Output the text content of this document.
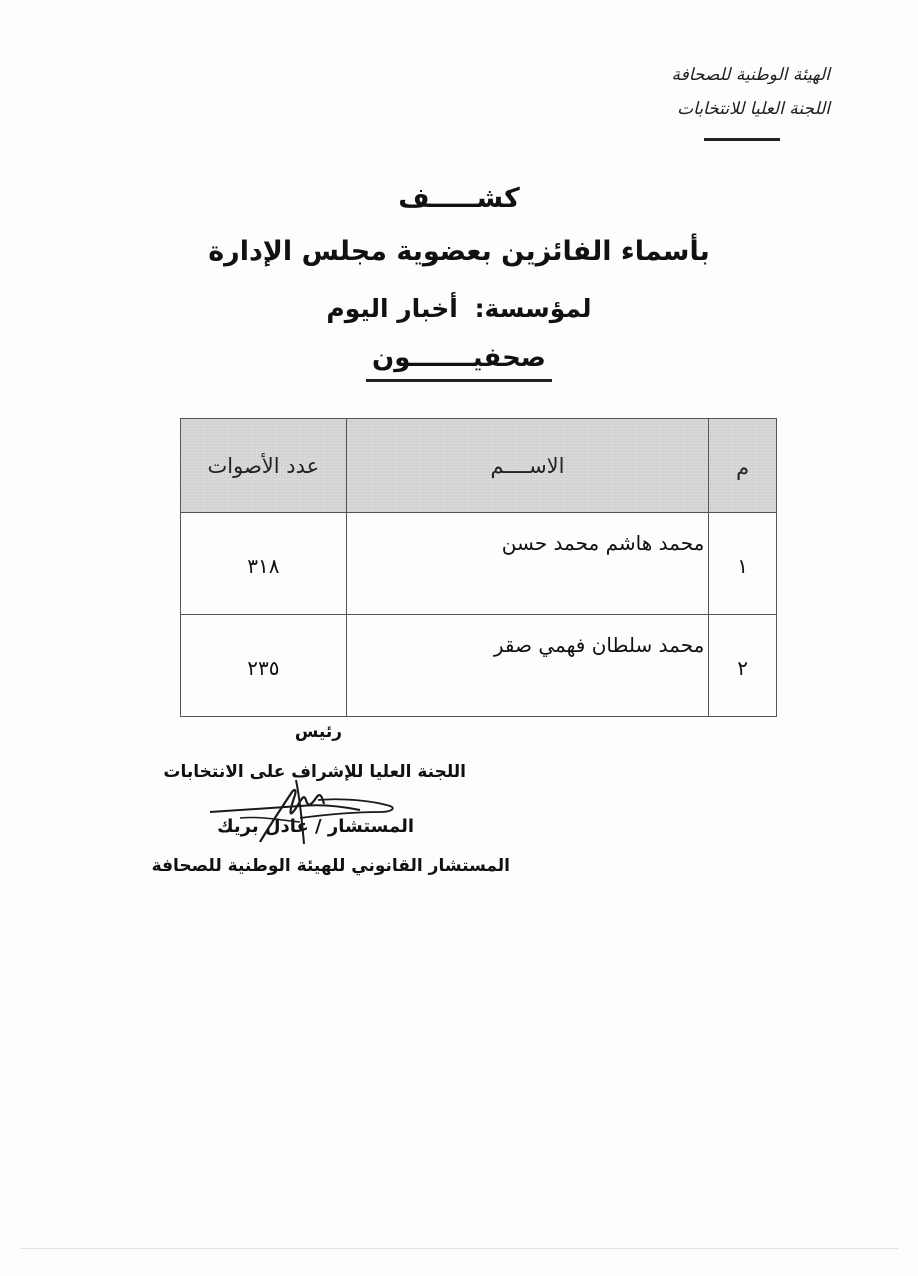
الهيئة الوطنية للصحافة
اللجنة العليا للانتخابات
كشـــــف
بأسماء الفائزين بعضوية مجلس الإدارة
لمؤسسة: أخبار اليوم
صحفيـــــــون
م	الاســــم	عدد الأصوات
١	محمد هاشم محمد حسن	٣١٨
٢	محمد سلطان فهمي صقر	٢٣٥
رئيس
اللجنة العليا للإشراف على الانتخابات
المستشار / عادل بريك
المستشار القانوني للهيئة الوطنية للصحافة
